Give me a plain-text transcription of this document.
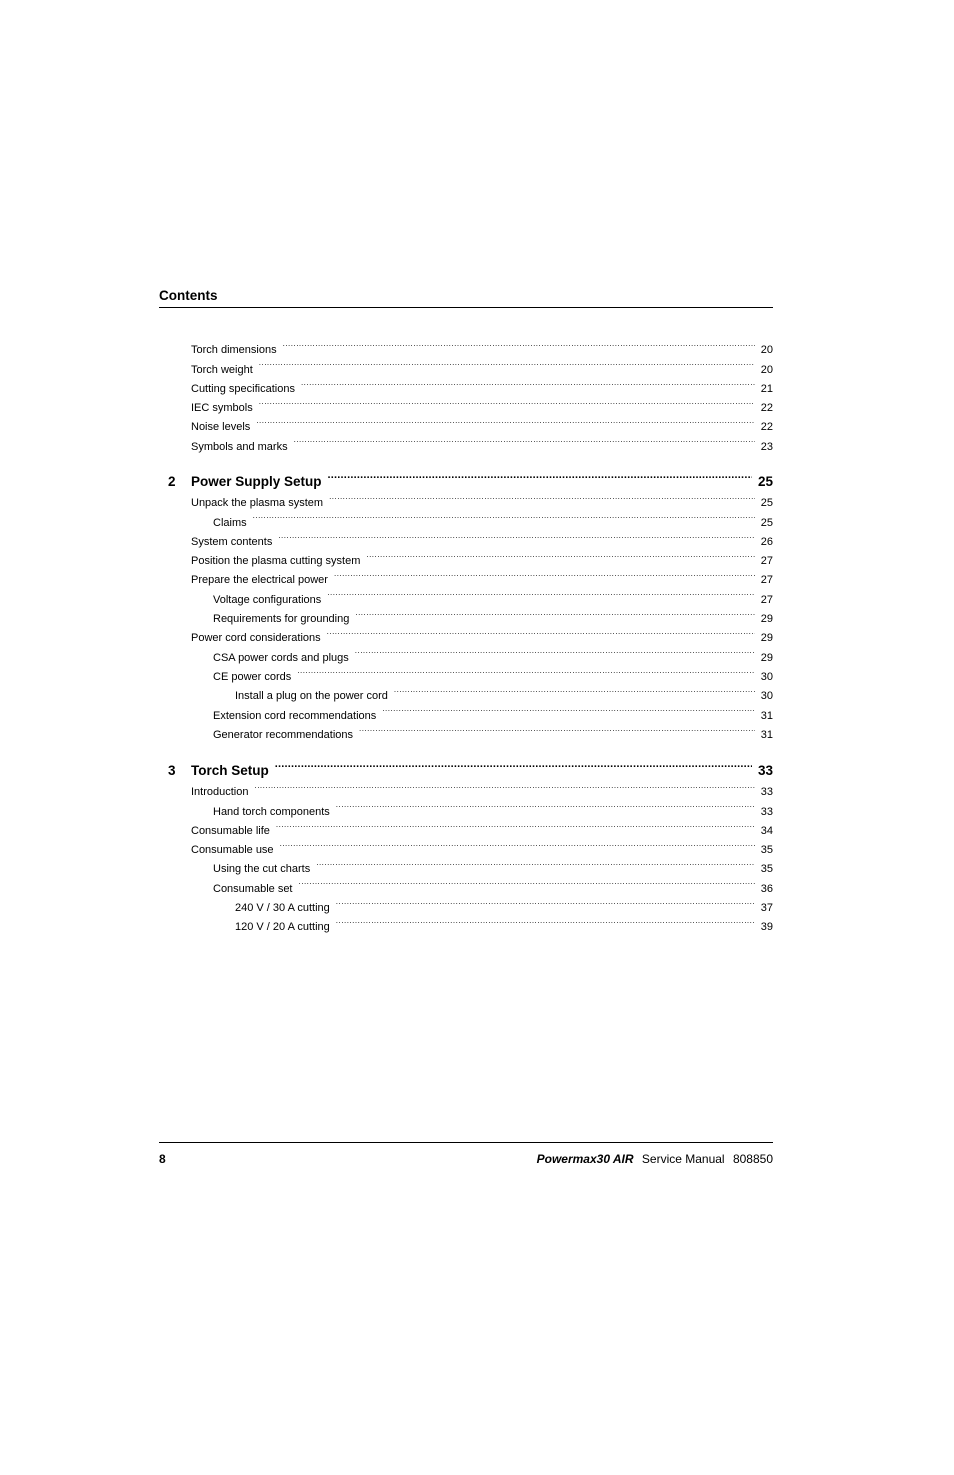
Contents
Torch dimensions .....	20
Torch weight .....	20
Cutting specifications .....	21
IEC symbols .....	22
Noise levels .....	22
Symbols and marks .....	23
2	Power Supply Setup .....	25
Unpack the plasma system .....	25
Claims .....	25
System contents .....	26
Position the plasma cutting system .....	27
Prepare the electrical power .....	27
Voltage configurations .....	27
Requirements for grounding .....	29
Power cord considerations .....	29
CSA power cords and plugs .....	29
CE power cords .....	30
Install a plug on the power cord .....	30
Extension cord recommendations .....	31
Generator recommendations .....	31
3	Torch Setup .....	33
Introduction .....	33
Hand torch components .....	33
Consumable life .....	34
Consumable use .....	35
Using the cut charts .....	35
Consumable set .....	36
240 V / 30 A cutting .....	37
120 V / 20 A cutting .....	39
8	Powermax30 AIR Service Manual 808850
